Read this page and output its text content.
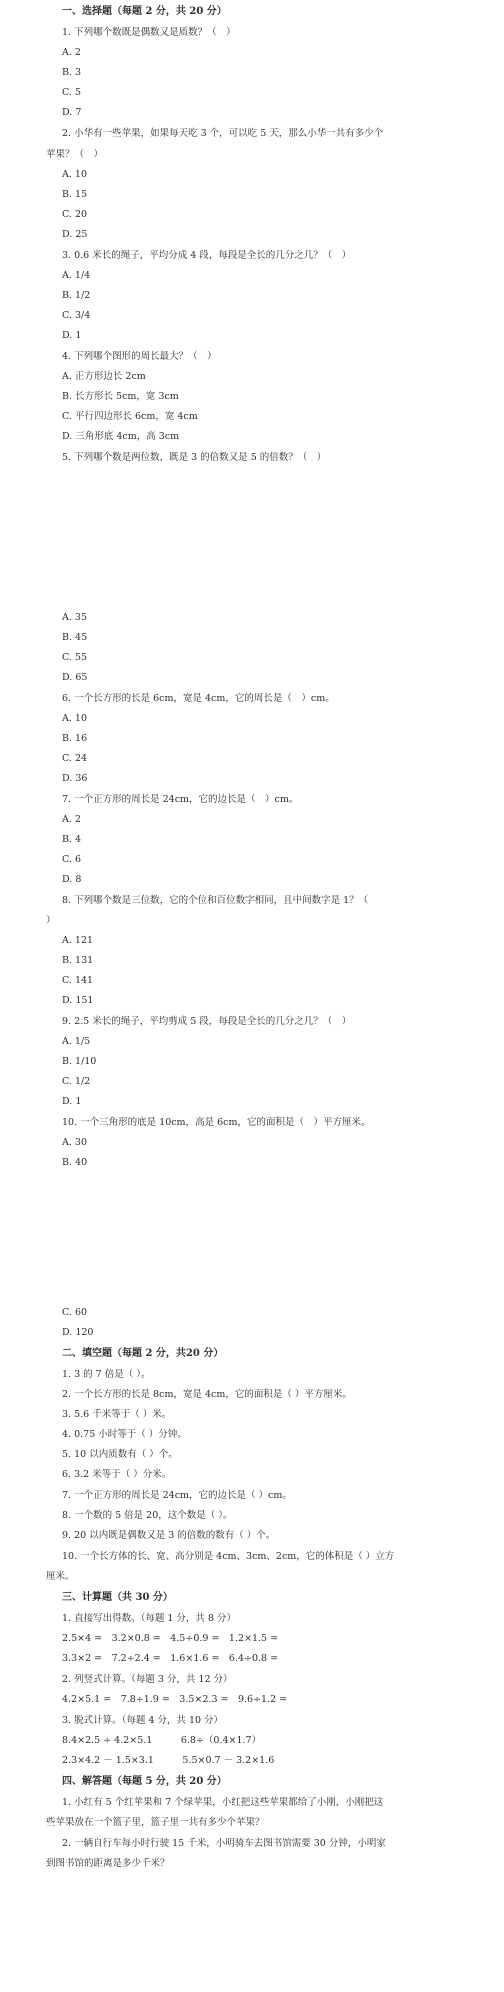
一、选择题（每题 2 分，共 20 分）
1. 下列哪个数既是偶数又是质数？（　）
A. 2
B. 3
C. 5
D. 7
2. 小华有一些苹果，如果每天吃 3 个，可以吃 5 天，那么小华一共有多少个
苹果？（　）
A. 10
B. 15
C. 20
D. 25
3. 0.6 米长的绳子，平均分成 4 段，每段是全长的几分之几？（　）
A. 1/4
B. 1/2
C. 3/4
D. 1
4. 下列哪个图形的周长最大？（　）
A. 正方形边长 2cm
B. 长方形长 5cm，宽 3cm
C. 平行四边形长 6cm，宽 4cm
D. 三角形底 4cm，高 3cm
5. 下列哪个数是两位数，既是 3 的倍数又是 5 的倍数？（　）
A. 35
B. 45
C. 55
D. 65
6. 一个长方形的长是 6cm，宽是 4cm，它的周长是（　）cm。
A. 10
B. 16
C. 24
D. 36
7. 一个正方形的周长是 24cm，它的边长是（　）cm。
A. 2
B. 4
C. 6
D. 8
8. 下列哪个数是三位数，它的个位和百位数字相同，且中间数字是 1？（
）
A. 121
B. 131
C. 141
D. 151
9. 2.5 米长的绳子，平均剪成 5 段，每段是全长的几分之几？（　）
A. 1/5
B. 1/10
C. 1/2
D. 1
10. 一个三角形的底是 10cm，高是 6cm，它的面积是（　）平方厘米。
A. 30
B. 40
C. 60
D. 120
二、填空题（每题 2 分，共20 分）
1. 3 的 7 倍是（ ）。
2. 一个长方形的长是 8cm，宽是 4cm，它的面积是（ ）平方厘米。
3. 5.6 千米等于（ ）米。
4. 0.75 小时等于（ ）分钟。
5. 10 以内质数有（ ）个。
6. 3.2 米等于（ ）分米。
7. 一个正方形的周长是 24cm，它的边长是（ ）cm。
8. 一个数的 5 倍是 20，这个数是（ ）。
9. 20 以内既是偶数又是 3 的倍数的数有（ ）个。
10. 一个长方体的长、宽、高分别是 4cm、3cm、2cm，它的体积是（ ）立方
厘米。
三、计算题（共 30 分）
1. 直接写出得数。（每题 1 分，共 8 分）
2.5×4 =　3.2×0.8 =　4.5÷0.9 =　1.2×1.5 =
3.3×2 =　7.2÷2.4 =　1.6×1.6 =　6.4÷0.8 =
2. 列竖式计算。（每题 3 分，共 12 分）
4.2×5.1 =　7.8÷1.9 =　3.5×2.3 =　9.6÷1.2 =
3. 脱式计算。（每题 4 分，共 10 分）
8.4×2.5 ÷ 4.2×5.1　　　6.8÷（0.4×1.7）
2.3×4.2 － 1.5×3.1　　　5.5×0.7 － 3.2×1.6
四、解答题（每题 5 分，共 20 分）
1. 小红有 5 个红苹果和 7 个绿苹果，小红把这些苹果都给了小刚，小刚把这
些苹果放在一个篮子里，篮子里一共有多少个苹果？
2. 一辆自行车每小时行驶 15 千米，小明骑车去图书馆需要 30 分钟，小明家
到图书馆的距离是多少千米？
